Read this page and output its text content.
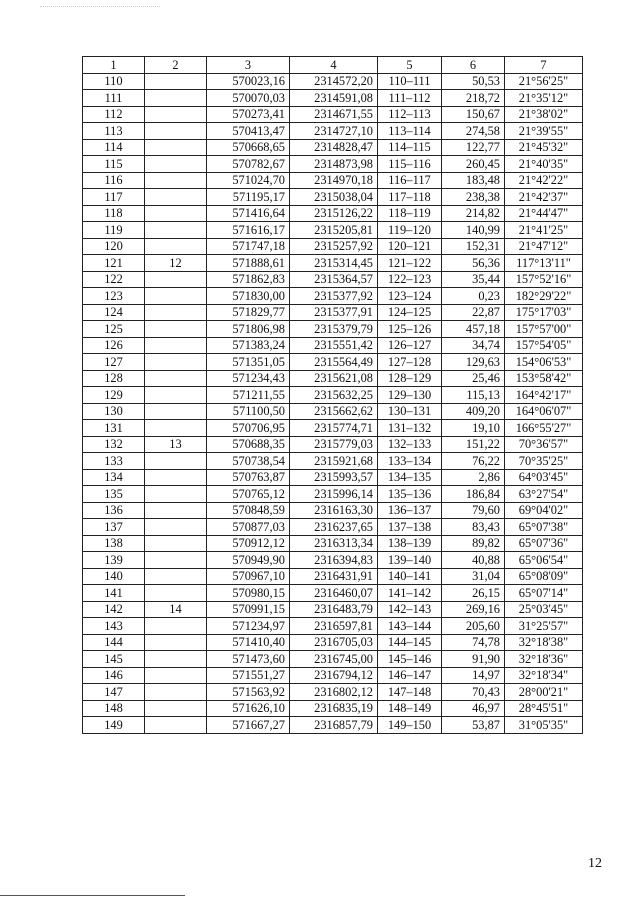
1	2	3	4	5	6	7
110		570023,16	2314572,20	110–111	50,53	21°56'25"
111		570070,03	2314591,08	111–112	218,72	21°35'12"
112		570273,41	2314671,55	112–113	150,67	21°38'02"
113		570413,47	2314727,10	113–114	274,58	21°39'55"
114		570668,65	2314828,47	114–115	122,77	21°45'32"
115		570782,67	2314873,98	115–116	260,45	21°40'35"
116		571024,70	2314970,18	116–117	183,48	21°42'22"
117		571195,17	2315038,04	117–118	238,38	21°42'37"
118		571416,64	2315126,22	118–119	214,82	21°44'47"
119		571616,17	2315205,81	119–120	140,99	21°41'25"
120		571747,18	2315257,92	120–121	152,31	21°47'12"
121	12	571888,61	2315314,45	121–122	56,36	117°13'11"
122		571862,83	2315364,57	122–123	35,44	157°52'16"
123		571830,00	2315377,92	123–124	0,23	182°29'22"
124		571829,77	2315377,91	124–125	22,87	175°17'03"
125		571806,98	2315379,79	125–126	457,18	157°57'00"
126		571383,24	2315551,42	126–127	34,74	157°54'05"
127		571351,05	2315564,49	127–128	129,63	154°06'53"
128		571234,43	2315621,08	128–129	25,46	153°58'42"
129		571211,55	2315632,25	129–130	115,13	164°42'17"
130		571100,50	2315662,62	130–131	409,20	164°06'07"
131		570706,95	2315774,71	131–132	19,10	166°55'27"
132	13	570688,35	2315779,03	132–133	151,22	70°36'57"
133		570738,54	2315921,68	133–134	76,22	70°35'25"
134		570763,87	2315993,57	134–135	2,86	64°03'45"
135		570765,12	2315996,14	135–136	186,84	63°27'54"
136		570848,59	2316163,30	136–137	79,60	69°04'02"
137		570877,03	2316237,65	137–138	83,43	65°07'38"
138		570912,12	2316313,34	138–139	89,82	65°07'36"
139		570949,90	2316394,83	139–140	40,88	65°06'54"
140		570967,10	2316431,91	140–141	31,04	65°08'09"
141		570980,15	2316460,07	141–142	26,15	65°07'14"
142	14	570991,15	2316483,79	142–143	269,16	25°03'45"
143		571234,97	2316597,81	143–144	205,60	31°25'57"
144		571410,40	2316705,03	144–145	74,78	32°18'38"
145		571473,60	2316745,00	145–146	91,90	32°18'36"
146		571551,27	2316794,12	146–147	14,97	32°18'34"
147		571563,92	2316802,12	147–148	70,43	28°00'21"
148		571626,10	2316835,19	148–149	46,97	28°45'51"
149		571667,27	2316857,79	149–150	53,87	31°05'35"
12
